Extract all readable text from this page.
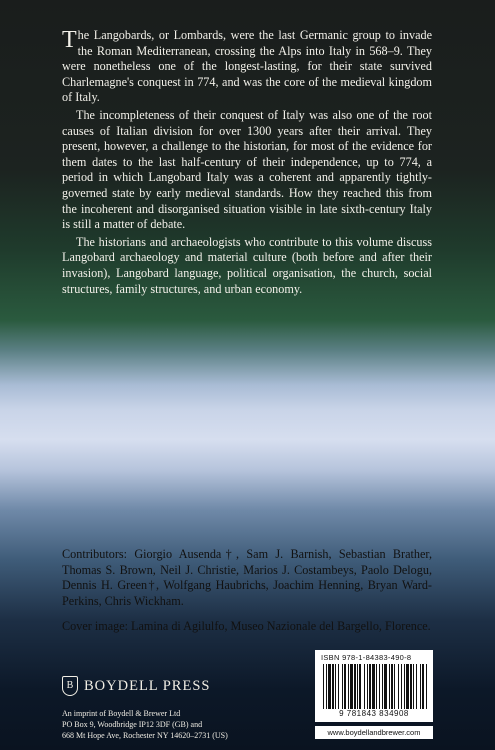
The Langobards, or Lombards, were the last Germanic group to invade the Roman Mediterranean, crossing the Alps into Italy in 568–9. They were nonetheless one of the longest-lasting, for their state survived Charlemagne's conquest in 774, and was the core of the medieval kingdom of Italy.

The incompleteness of their conquest of Italy was also one of the root causes of Italian division for over 1300 years after their arrival. They present, however, a challenge to the historian, for most of the evidence for them dates to the last half-century of their independence, up to 774, a period in which Langobard Italy was a coherent and apparently tightly-governed state by early medieval standards. How they reached this from the incoherent and disorganised situation visible in late sixth-century Italy is still a matter of debate.

The historians and archaeologists who contribute to this volume discuss Langobard archaeology and material culture (both before and after their invasion), Langobard language, political organisation, the church, social structures, family structures, and urban economy.

Contributors: Giorgio Ausenda†, Sam J. Barnish, Sebastian Brather, Thomas S. Brown, Neil J. Christie, Marios J. Costambeys, Paolo Delogu, Dennis H. Green†, Wolfgang Haubrichs, Joachim Henning, Bryan Ward-Perkins, Chris Wickham.

Cover image: Lamina di Agilulfo, Museo Nazionale del Bargello, Florence.

B BOYDELL PRESS
An imprint of Boydell & Brewer Ltd
PO Box 9, Woodbridge IP12 3DF (GB) and
668 Mt Hope Ave, Rochester NY 14620–2731 (US)
ISBN 978-1-84383-490-8
9 781843 834908
www.boydellandbrewer.com
